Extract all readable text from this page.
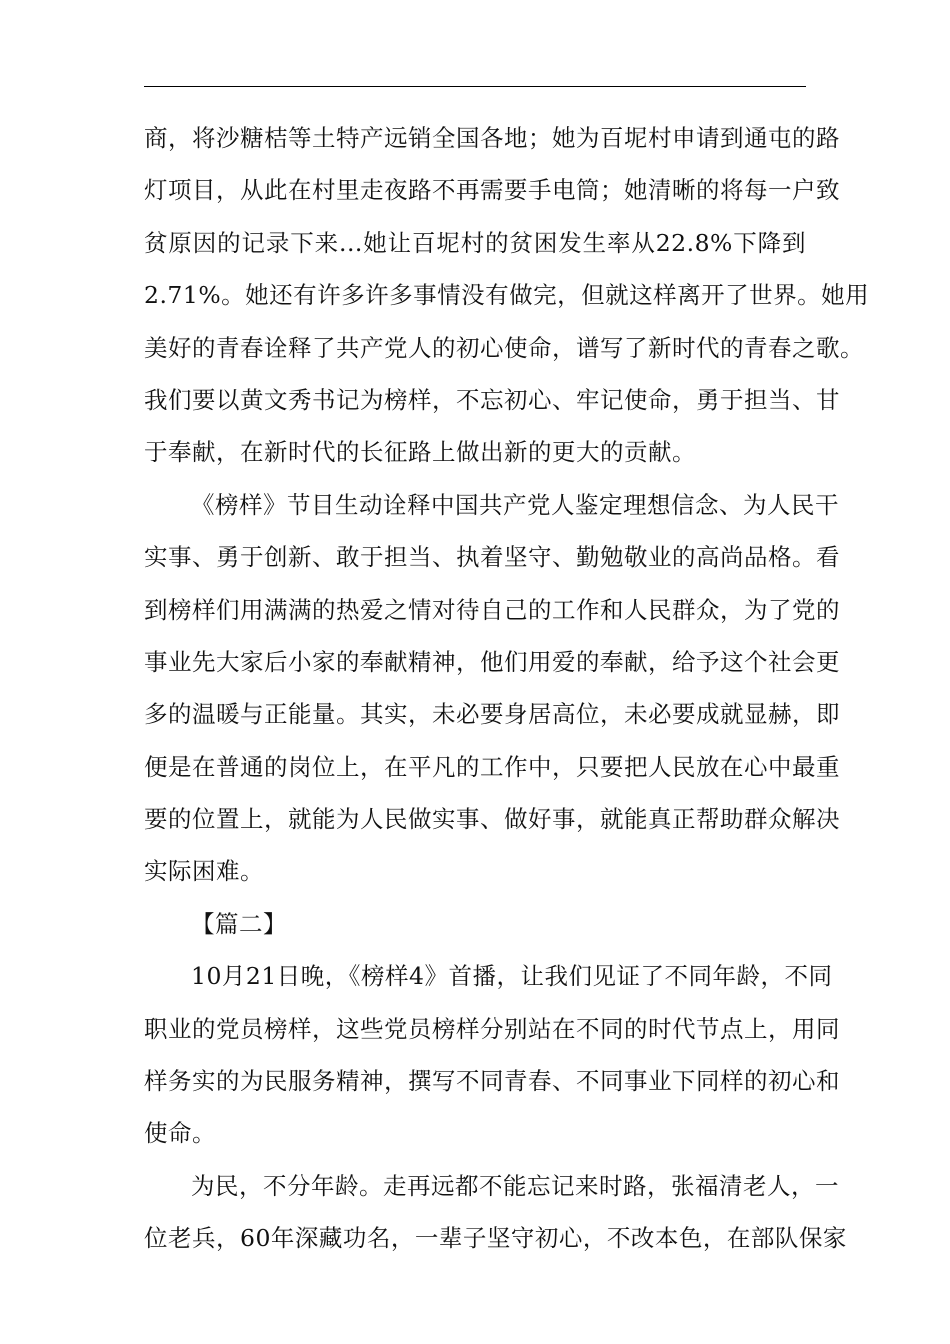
商，将沙糖桔等土特产远销全国各地；她为百坭村申请到通屯的路
灯项目，从此在村里走夜路不再需要手电筒；她清晰的将每一户致
贫原因的记录下来...她让百坭村的贫困发生率从22.8%下降到
2.71%。她还有许多许多事情没有做完，但就这样离开了世界。她用
美好的青春诠释了共产党人的初心使命，谱写了新时代的青春之歌。
我们要以黄文秀书记为榜样，不忘初心、牢记使命，勇于担当、甘
于奉献，在新时代的长征路上做出新的更大的贡献。
《榜样》节目生动诠释中国共产党人鉴定理想信念、为人民干
实事、勇于创新、敢于担当、执着坚守、勤勉敬业的高尚品格。看
到榜样们用满满的热爱之情对待自己的工作和人民群众，为了党的
事业先大家后小家的奉献精神，他们用爱的奉献，给予这个社会更
多的温暖与正能量。其实，未必要身居高位，未必要成就显赫，即
便是在普通的岗位上，在平凡的工作中，只要把人民放在心中最重
要的位置上，就能为人民做实事、做好事，就能真正帮助群众解决
实际困难。
【篇二】
10月21日晚，《榜样4》首播，让我们见证了不同年龄，不同
职业的党员榜样，这些党员榜样分别站在不同的时代节点上，用同
样务实的为民服务精神，撰写不同青春、不同事业下同样的初心和
使命。
为民，不分年龄。走再远都不能忘记来时路，张福清老人，一
位老兵，60年深藏功名，一辈子坚守初心，不改本色，在部队保家
